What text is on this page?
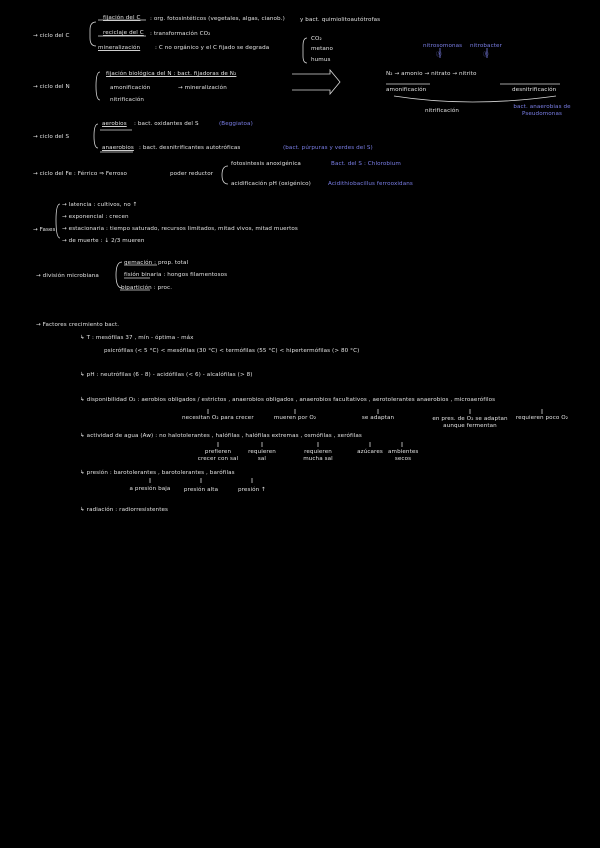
→ ciclo del C
fijación del C : org. fotosintéticos (vegetales, algas, cianob.)	y bact. quimiolitoautótrofas
reciclaje del C : transformación CO₂
mineralización	: C no orgánico y el C fijado se degrada
CO₂
metano
humus
→ ciclo del N
fijación biológica del N : bact. fijadoras de N₂
amonificación	→ mineralización
nitrificación
nitrosomonas nitrobacter
Ⓐ	Ⓑ
N₂ → amonio → nitrato → nitrito
amonificación	desnitrificación
nitrificación
bact. anaerobias de Pseudomonas
→ ciclo del S
aerobios : bact. oxidantes del S	(Beggiatoa)
anaerobios : bact. desnitrificantes autotróficas	(bact. púrpuras y verdes del S)
→ ciclo del Fe : Férrico ⇒ Ferroso	poder reductor
fotosintesis anoxigénica	Bact. del S : Chlorobium
acidificación pH (oxigénico)	Acidithiobacillus ferrooxidans
→ Fases
→ latencia : cultivos, no ↑
→ exponencial : crecen
→ estacionaria : tiempo saturado, recursos limitados, mitad vivos, mitad muertos
→ de muerte : ↓ 2/3 mueren
→ división microbiana
gemación : prop. total
fisión binaria : hongos filamentosos
bipartición : proc.
→ Factores crecimiento bact.
↳ T : mesófilas 37 , mín - óptima - máx
psicrófilas (< 5 °C) < mesófilas (30 °C) < termófilas (55 °C) < hipertermófilas (> 80 °C)
↳ pH : neutrófilas (6 - 8) - acidófilas (< 6) - alcalófilas (> 8)
↳ disponibilidad O₂ : aerobios obligados / estrictos , anaerobios obligados , anaerobios facultativos , aerotolerantes anaerobios , microaerófilos
necesitan O₂ para crecer	mueren por O₂	se adaptan	en pres. de O₂ se adaptan aunque fermentan
requieren poco O₂
↳ actividad de agua (Aw) : no halotolerantes , halófilas , halófilas extremas , osmófilas , xerófilas
prefieren crecer con sal
requieren sal
requieren mucha sal
azúcares ambientes secos
↳ presión : barotolerantes , barotolerantes , barófilas
a presión baja	presión alta	presión ↑
↳ radiación : radiorresistentes
